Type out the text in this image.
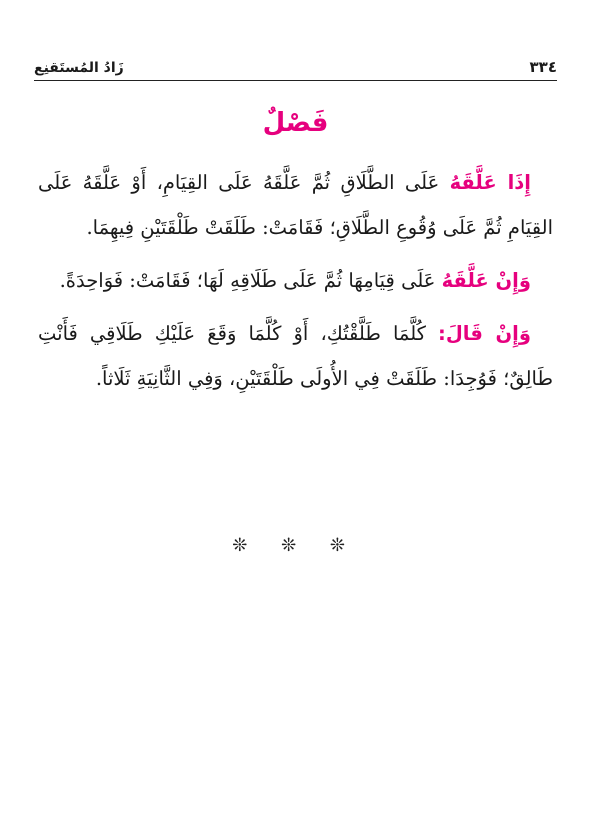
زَادُ المُستَقنِع	٣٣٤
فَصْلٌ

إِذَا عَلَّقَهُ عَلَى الطَّلَاقِ ثُمَّ عَلَّقَهُ عَلَى القِيَامِ، أَوْ عَلَّقَهُ عَلَى القِيَامِ ثُمَّ عَلَى وُقُوعِ الطَّلَاقِ؛ فَقَامَتْ: طَلَقَتْ طَلْقَتَيْنِ فِيهِمَا.

وَإِنْ عَلَّقَهُ عَلَى قِيَامِهَا ثُمَّ عَلَى طَلَاقِهِ لَهَا؛ فَقَامَتْ: فَوَاحِدَةً.

وَإِنْ قَالَ: كُلَّمَا طَلَّقْتُكِ، أَوْ كُلَّمَا وَقَعَ عَلَيْكِ طَلَاقِي فَأَنْتِ طَالِقٌ؛ فَوُجِدَا: طَلَقَتْ فِي الأُولَى طَلْقَتَيْنِ، وَفِي الثَّانِيَةِ ثَلَاثاً.

❊ ❊ ❊
